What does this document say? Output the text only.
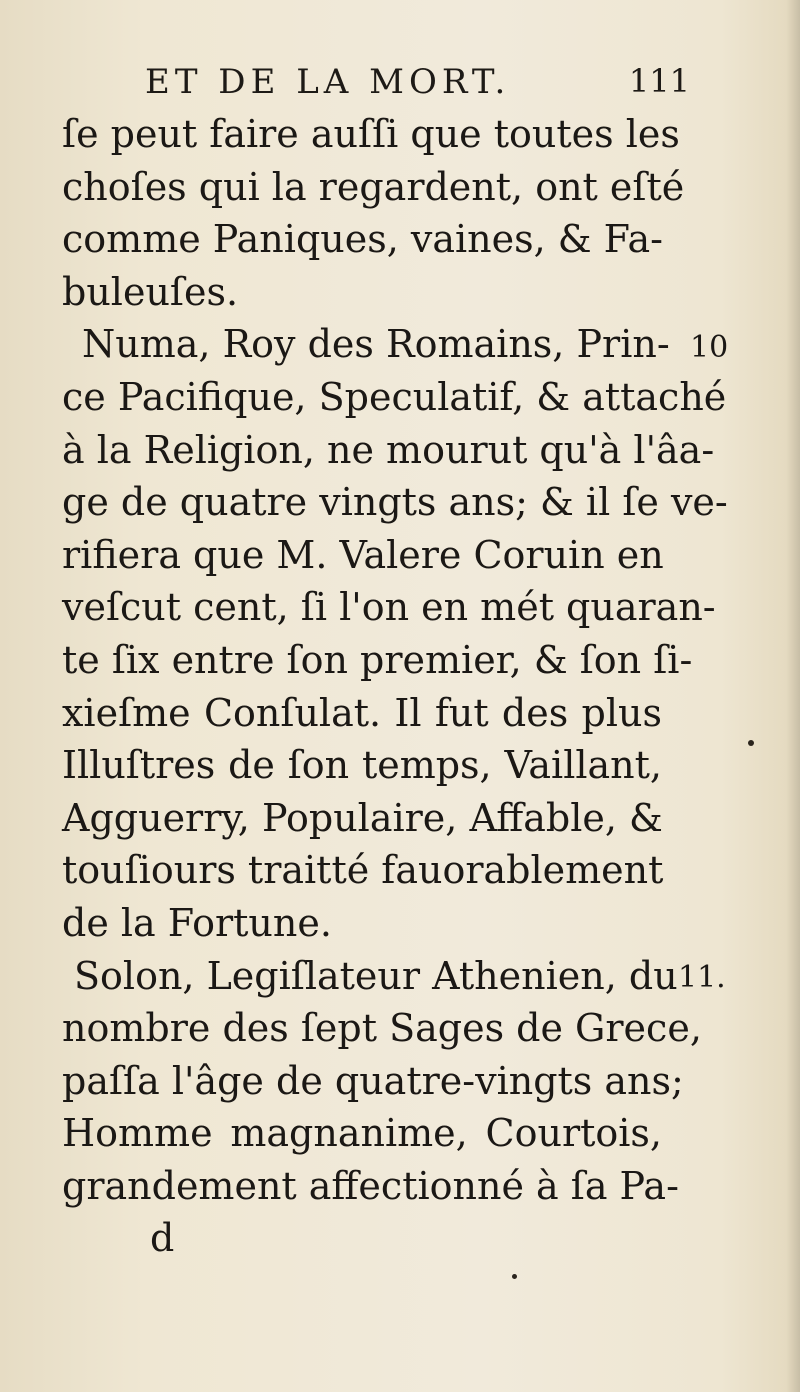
ET DE LA MORT.	111
ſe peut faire auſſi que toutes les
choſes qui la regardent, ont eſté
comme Paniques, vaines, & Fa-
buleuſes.
Numa, Roy des Romains, Prin-
ce Pacifique, Speculatif, & attaché
à la Religion, ne mourut qu'à l'âa-
ge de quatre vingts ans; & il ſe ve-
rifiera que M. Valere Coruin en
veſcut cent, ſi l'on en mét quaran-
te ſix entre ſon premier, & ſon ſi-
xieſme Conſulat. Il fut des plus
Illuſtres de ſon temps, Vaillant,
Agguerry, Populaire, Affable, &
touſiours traitté fauorablement
de la Fortune.
Solon, Legiſlateur Athenien, du
nombre des ſept Sages de Grece,
paſſa l'âge de quatre-vingts ans;
Homme magnanime, Courtois,
grandement affectionné à ſa Pa-
d
10
11.
